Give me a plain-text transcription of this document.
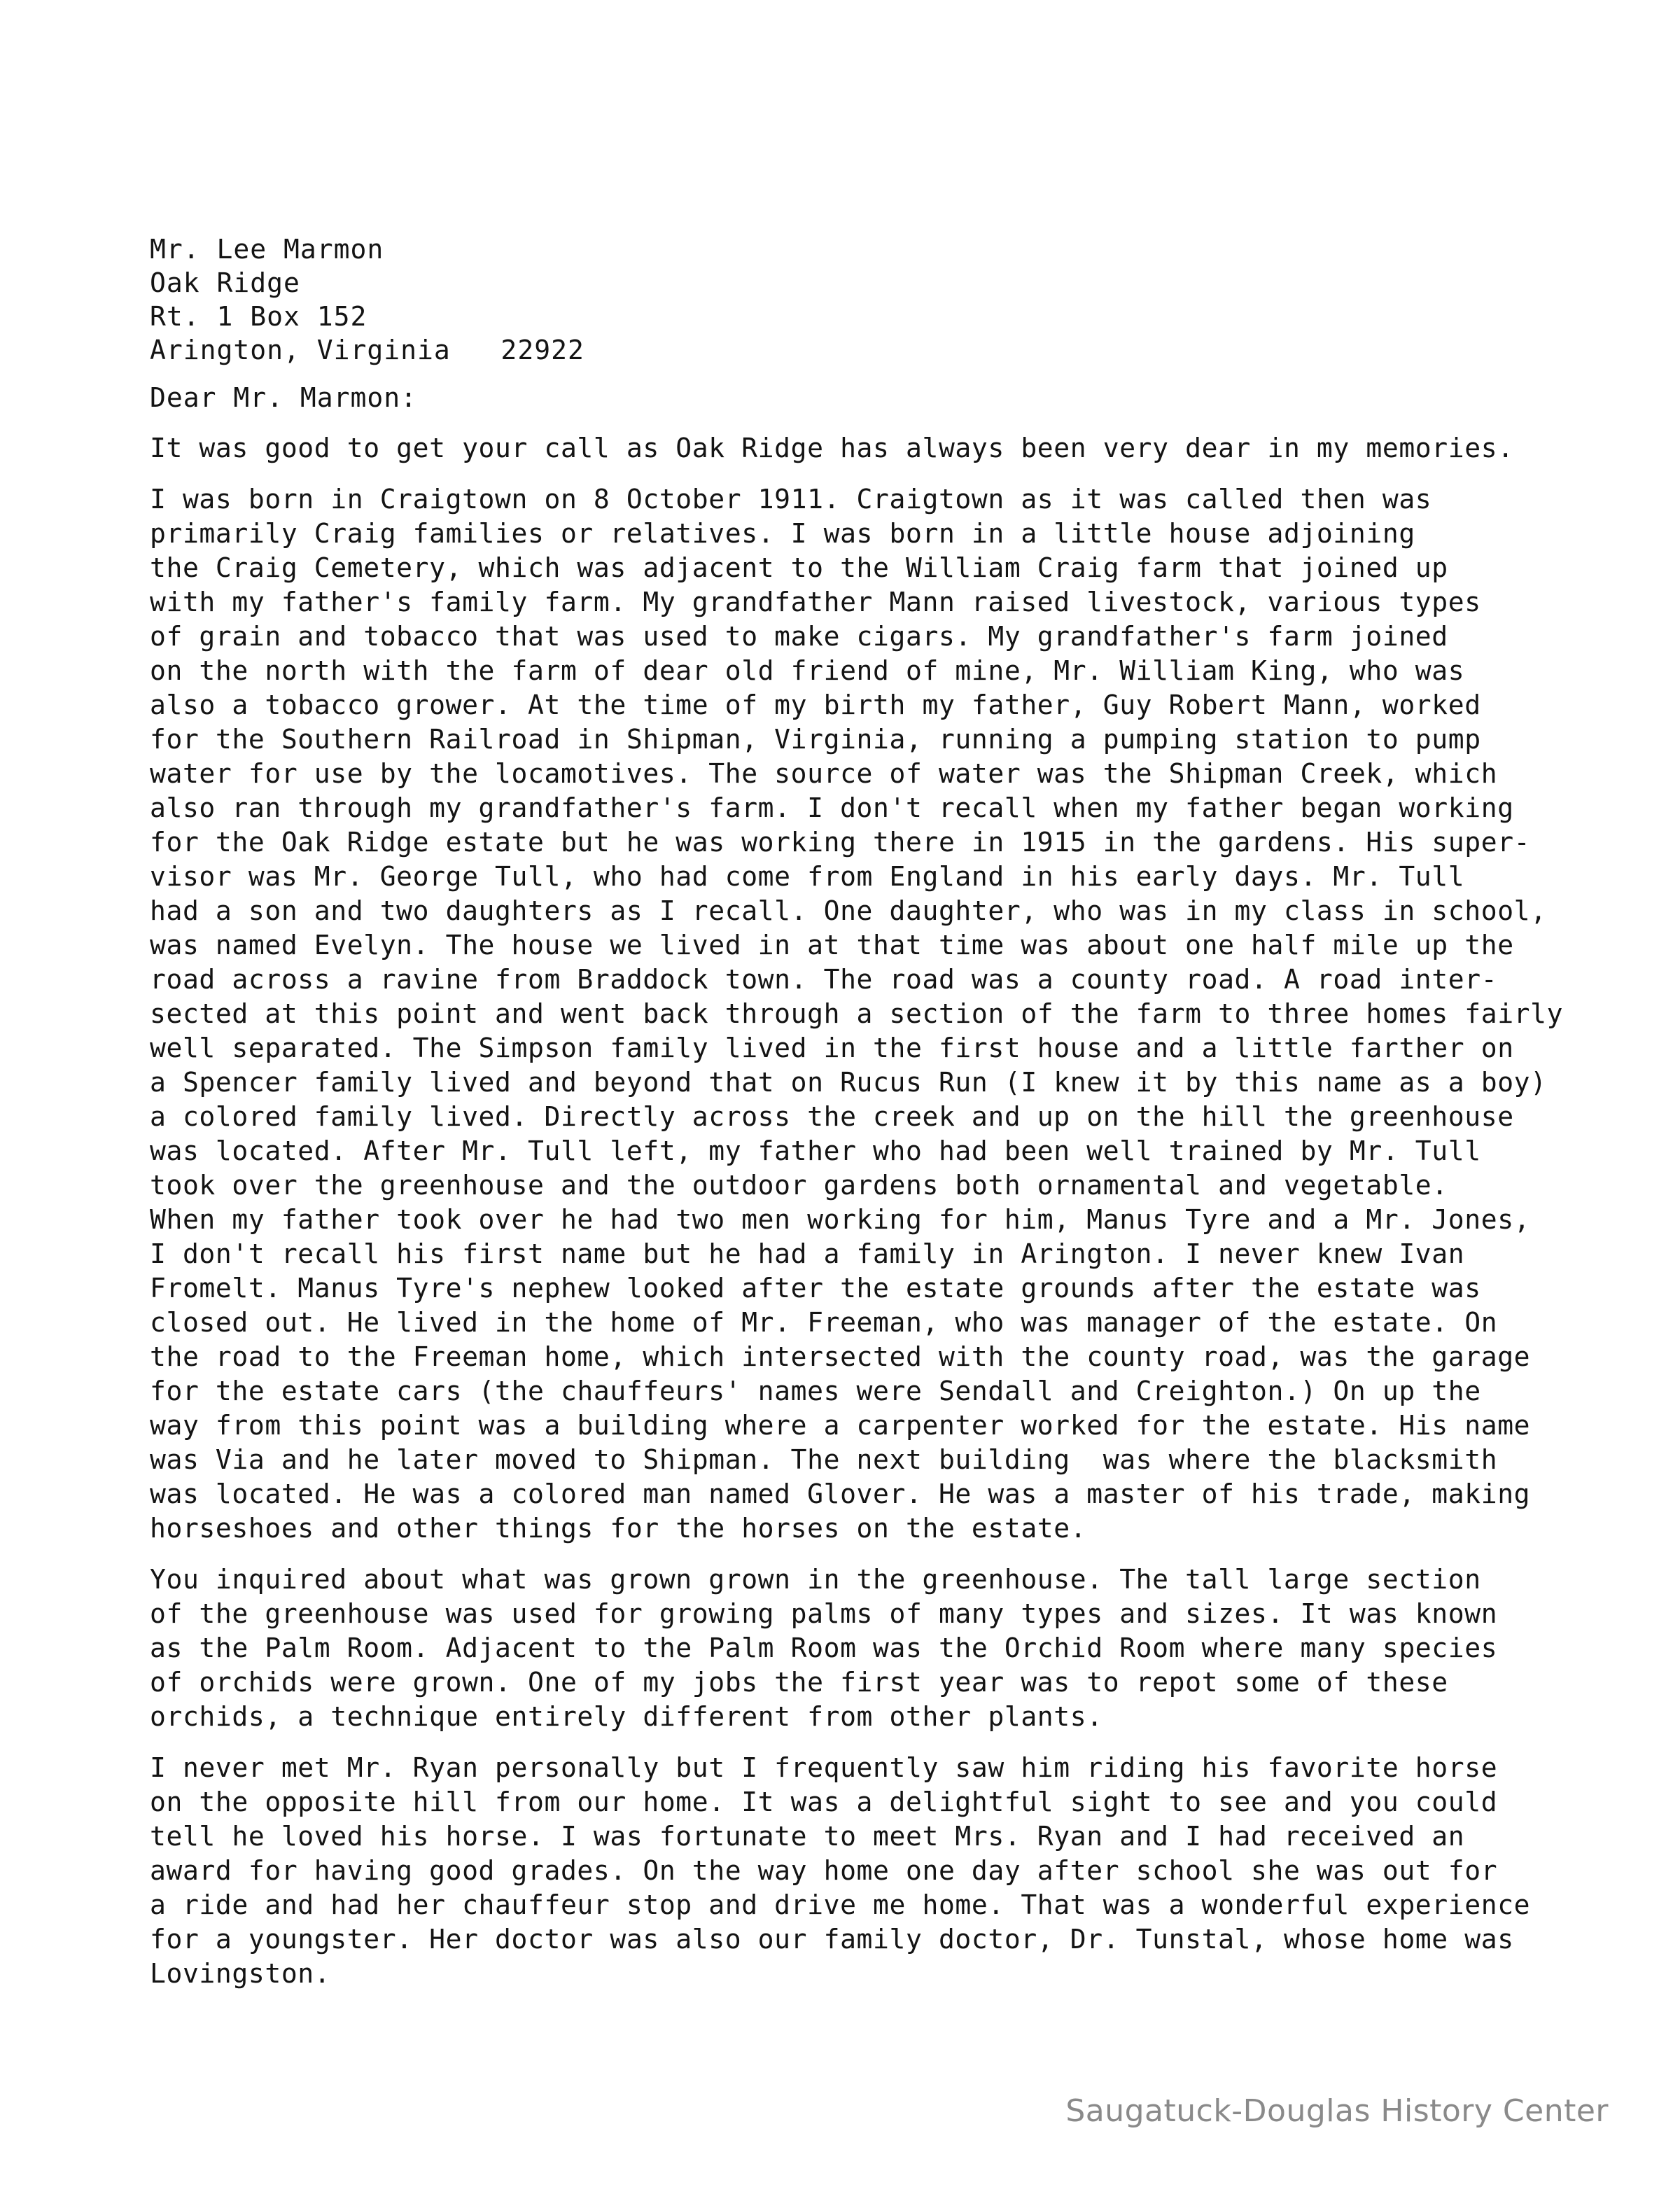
Mr. Lee Marmon
Oak Ridge
Rt. 1 Box 152
Arington, Virginia   22922
Dear Mr. Marmon:
It was good to get your call as Oak Ridge has always been very dear in my memories.
I was born in Craigtown on 8 October 1911. Craigtown as it was called then was
primarily Craig families or relatives. I was born in a little house adjoining
the Craig Cemetery, which was adjacent to the William Craig farm that joined up
with my father's family farm. My grandfather Mann raised livestock, various types
of grain and tobacco that was used to make cigars. My grandfather's farm joined
on the north with the farm of dear old friend of mine, Mr. William King, who was
also a tobacco grower. At the time of my birth my father, Guy Robert Mann, worked
for the Southern Railroad in Shipman, Virginia, running a pumping station to pump
water for use by the locamotives. The source of water was the Shipman Creek, which
also ran through my grandfather's farm. I don't recall when my father began working
for the Oak Ridge estate but he was working there in 1915 in the gardens. His super-
visor was Mr. George Tull, who had come from England in his early days. Mr. Tull
had a son and two daughters as I recall. One daughter, who was in my class in school,
was named Evelyn. The house we lived in at that time was about one half mile up the
road across a ravine from Braddock town. The road was a county road. A road inter-
sected at this point and went back through a section of the farm to three homes fairly
well separated. The Simpson family lived in the first house and a little farther on
a Spencer family lived and beyond that on Rucus Run (I knew it by this name as a boy)
a colored family lived. Directly across the creek and up on the hill the greenhouse
was located. After Mr. Tull left, my father who had been well trained by Mr. Tull
took over the greenhouse and the outdoor gardens both ornamental and vegetable.
When my father took over he had two men working for him, Manus Tyre and a Mr. Jones,
I don't recall his first name but he had a family in Arington. I never knew Ivan
Fromelt. Manus Tyre's nephew looked after the estate grounds after the estate was
closed out. He lived in the home of Mr. Freeman, who was manager of the estate. On
the road to the Freeman home, which intersected with the county road, was the garage
for the estate cars (the chauffeurs' names were Sendall and Creighton.) On up the
way from this point was a building where a carpenter worked for the estate. His name
was Via and he later moved to Shipman. The next building  was where the blacksmith
was located. He was a colored man named Glover. He was a master of his trade, making
horseshoes and other things for the horses on the estate.
You inquired about what was grown grown in the greenhouse. The tall large section
of the greenhouse was used for growing palms of many types and sizes. It was known
as the Palm Room. Adjacent to the Palm Room was the Orchid Room where many species
of orchids were grown. One of my jobs the first year was to repot some of these
orchids, a technique entirely different from other plants.
I never met Mr. Ryan personally but I frequently saw him riding his favorite horse
on the opposite hill from our home. It was a delightful sight to see and you could
tell he loved his horse. I was fortunate to meet Mrs. Ryan and I had received an
award for having good grades. On the way home one day after school she was out for
a ride and had her chauffeur stop and drive me home. That was a wonderful experience
for a youngster. Her doctor was also our family doctor, Dr. Tunstal, whose home was
Lovingston.
Saugatuck-Douglas History Center
